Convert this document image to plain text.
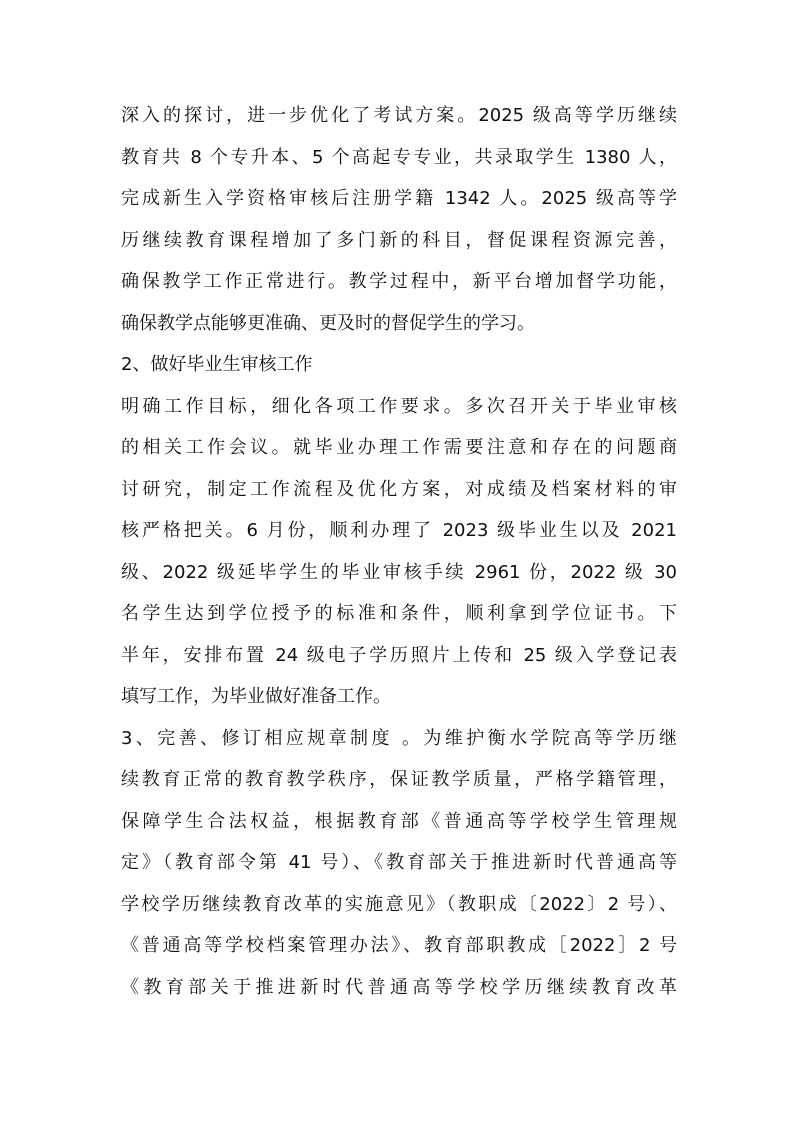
深入的探讨，进一步优化了考试方案。2025 级高等学历继续
教育共 8 个专升本、5 个高起专专业，共录取学生 1380 人，
完成新生入学资格审核后注册学籍 1342 人。2025 级高等学
历继续教育课程增加了多门新的科目，督促课程资源完善，
确保教学工作正常进行。教学过程中，新平台增加督学功能，
确保教学点能够更准确、更及时的督促学生的学习。
2、做好毕业生审核工作
明确工作目标，细化各项工作要求。多次召开关于毕业审核
的相关工作会议。就毕业办理工作需要注意和存在的问题商
讨研究，制定工作流程及优化方案，对成绩及档案材料的审
核严格把关。6 月份，顺利办理了 2023 级毕业生以及 2021
级、2022 级延毕学生的毕业审核手续 2961 份，2022 级 30
名学生达到学位授予的标准和条件，顺利拿到学位证书。下
半年，安排布置 24 级电子学历照片上传和 25 级入学登记表
填写工作，为毕业做好准备工作。
3、完善、修订相应规章制度 。为维护衡水学院高等学历继
续教育正常的教育教学秩序，保证教学质量，严格学籍管理，
保障学生合法权益，根据教育部《普通高等学校学生管理规
定》（教育部令第 41 号）、《教育部关于推进新时代普通高等
学校学历继续教育改革的实施意见》（教职成〔2022〕2 号）、
《普通高等学校档案管理办法》、教育部职教成［2022］2 号
《教育部关于推进新时代普通高等学校学历继续教育改革
